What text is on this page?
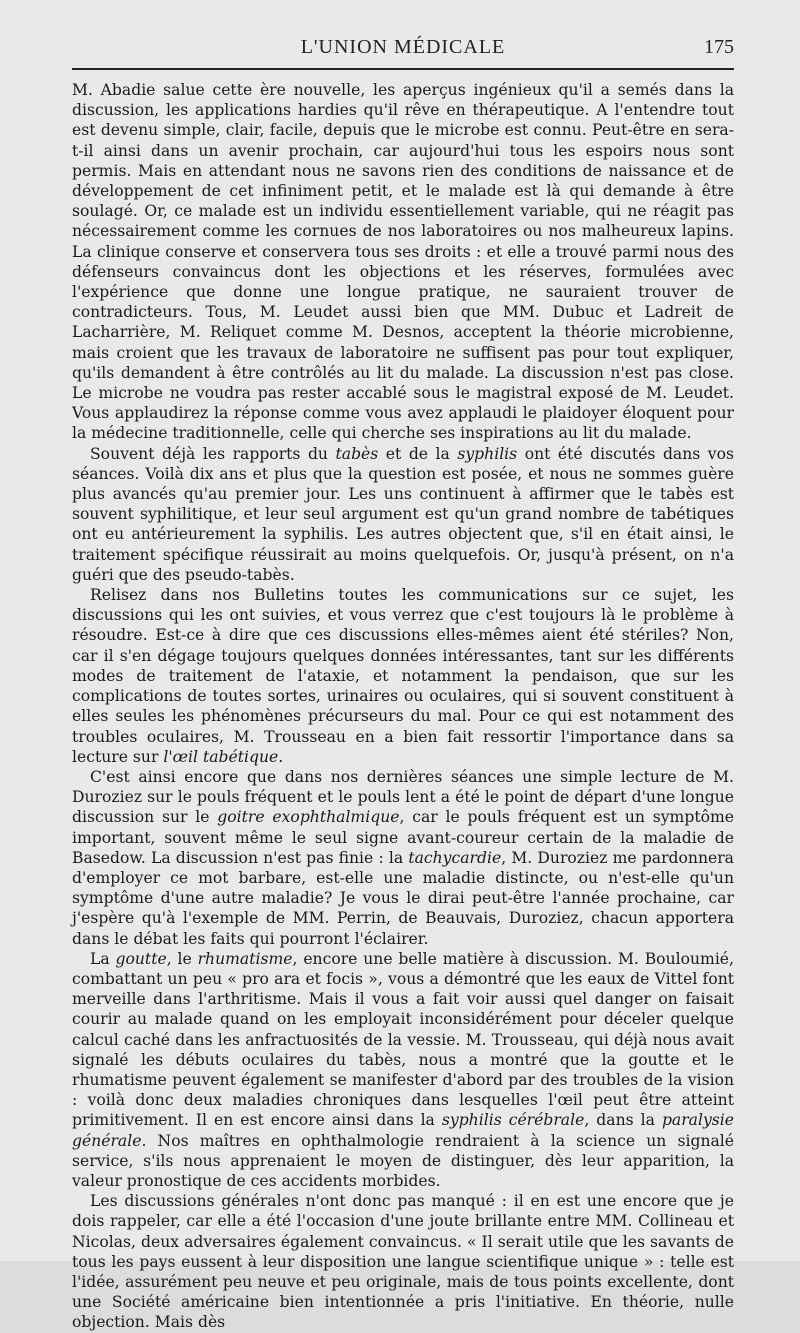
L'UNION MÉDICALE	175

M. Abadie salue cette ère nouvelle, les aperçus ingénieux qu'il a semés dans la discussion, les applications hardies qu'il rêve en thérapeutique. A l'entendre tout est devenu simple, clair, facile, depuis que le microbe est connu. Peut-être en sera-t-il ainsi dans un avenir prochain, car aujourd'hui tous les espoirs nous sont permis. Mais en attendant nous ne savons rien des conditions de naissance et de développement de cet infiniment petit, et le malade est là qui demande à être soulagé. Or, ce malade est un individu essentiellement variable, qui ne réagit pas nécessairement comme les cornues de nos laboratoires ou nos malheureux lapins. La clinique conserve et conservera tous ses droits : et elle a trouvé parmi nous des défenseurs convaincus dont les objections et les réserves, formulées avec l'expérience que donne une longue pratique, ne sauraient trouver de contradicteurs. Tous, M. Leudet aussi bien que MM. Dubuc et Ladreit de Lacharrière, M. Reliquet comme M. Desnos, acceptent la théorie microbienne, mais croient que les travaux de laboratoire ne suffisent pas pour tout expliquer, qu'ils demandent à être contrôlés au lit du malade. La discussion n'est pas close. Le microbe ne voudra pas rester accablé sous le magistral exposé de M. Leudet. Vous applaudirez la réponse comme vous avez applaudi le plaidoyer éloquent pour la médecine traditionnelle, celle qui cherche ses inspirations au lit du malade.

Souvent déjà les rapports du tabès et de la syphilis ont été discutés dans vos séances. Voilà dix ans et plus que la question est posée, et nous ne sommes guère plus avancés qu'au premier jour. Les uns continuent à affirmer que le tabès est souvent syphilitique, et leur seul argument est qu'un grand nombre de tabétiques ont eu antérieurement la syphilis. Les autres objectent que, s'il en était ainsi, le traitement spécifique réussirait au moins quelquefois. Or, jusqu'à présent, on n'a guéri que des pseudo-tabès.

Relisez dans nos Bulletins toutes les communications sur ce sujet, les discussions qui les ont suivies, et vous verrez que c'est toujours là le problème à résoudre. Est-ce à dire que ces discussions elles-mêmes aient été stériles? Non, car il s'en dégage toujours quelques données intéressantes, tant sur les différents modes de traitement de l'ataxie, et notamment la pendaison, que sur les complications de toutes sortes, urinaires ou oculaires, qui si souvent constituent à elles seules les phénomènes précurseurs du mal. Pour ce qui est notamment des troubles oculaires, M. Trousseau en a bien fait ressortir l'importance dans sa lecture sur l'œil tabétique.

C'est ainsi encore que dans nos dernières séances une simple lecture de M. Duroziez sur le pouls fréquent et le pouls lent a été le point de départ d'une longue discussion sur le goitre exophthalmique, car le pouls fréquent est un symptôme important, souvent même le seul signe avant-coureur certain de la maladie de Basedow. La discussion n'est pas finie : la tachycardie, M. Duroziez me pardonnera d'employer ce mot barbare, est-elle une maladie distincte, ou n'est-elle qu'un symptôme d'une autre maladie? Je vous le dirai peut-être l'année prochaine, car j'espère qu'à l'exemple de MM. Perrin, de Beauvais, Duroziez, chacun apportera dans le débat les faits qui pourront l'éclairer.

La goutte, le rhumatisme, encore une belle matière à discussion. M. Bouloumié, combattant un peu « pro ara et focis », vous a démontré que les eaux de Vittel font merveille dans l'arthritisme. Mais il vous a fait voir aussi quel danger on faisait courir au malade quand on les employait inconsidérément pour déceler quelque calcul caché dans les anfractuosités de la vessie. M. Trousseau, qui déjà nous avait signalé les débuts oculaires du tabès, nous a montré que la goutte et le rhumatisme peuvent également se manifester d'abord par des troubles de la vision : voilà donc deux maladies chroniques dans lesquelles l'œil peut être atteint primitivement. Il en est encore ainsi dans la syphilis cérébrale, dans la paralysie générale. Nos maîtres en ophthalmologie rendraient à la science un signalé service, s'ils nous apprenaient le moyen de distinguer, dès leur apparition, la valeur pronostique de ces accidents morbides.

Les discussions générales n'ont donc pas manqué : il en est une encore que je dois rappeler, car elle a été l'occasion d'une joute brillante entre MM. Collineau et Nicolas, deux adversaires également convaincus. « Il serait utile que les savants de tous les pays eussent à leur disposition une langue scientifique unique » : telle est l'idée, assurément peu neuve et peu originale, mais de tous points excellente, dont une Société américaine bien intentionnée a pris l'initiative. En théorie, nulle objection. Mais dès
